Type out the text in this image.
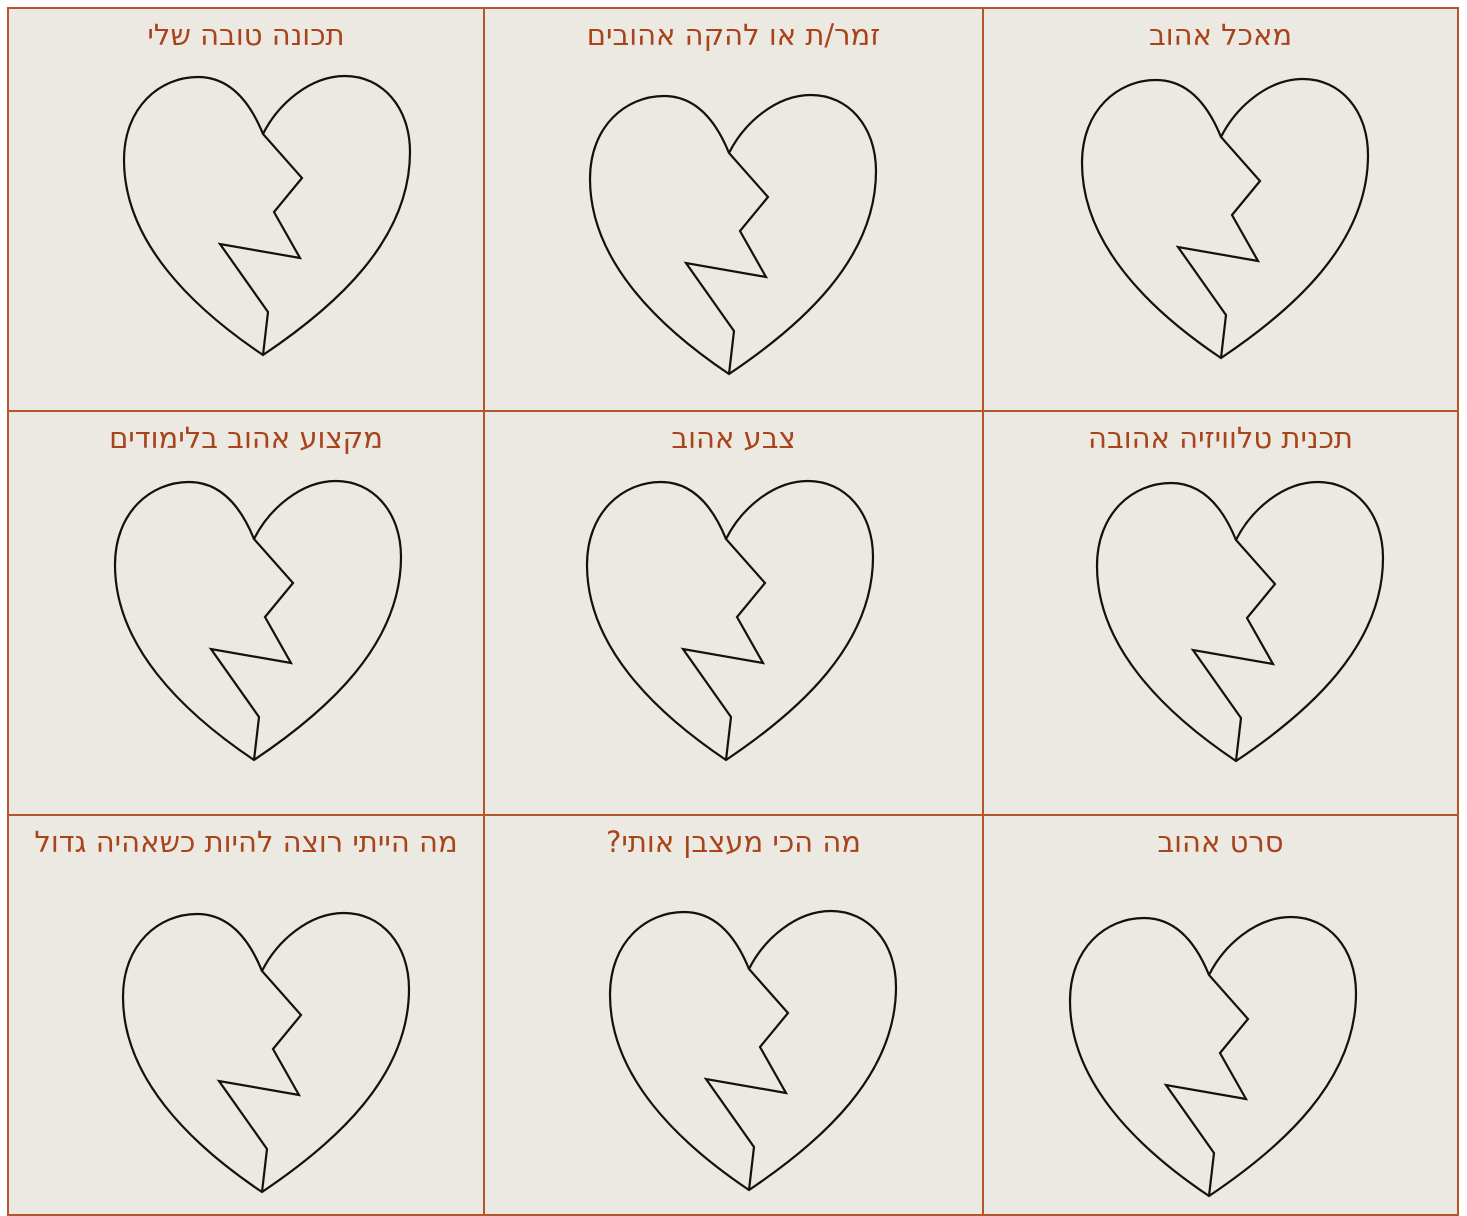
מאכל אהוב
זמר/ת או להקה אהובים
תכונה טובה שלי
תכנית טלוויזיה אהובה
צבע אהוב
מקצוע אהוב בלימודים
סרט אהוב
מה הכי מעצבן אותי?
מה הייתי רוצה להיות כשאהיה גדול
